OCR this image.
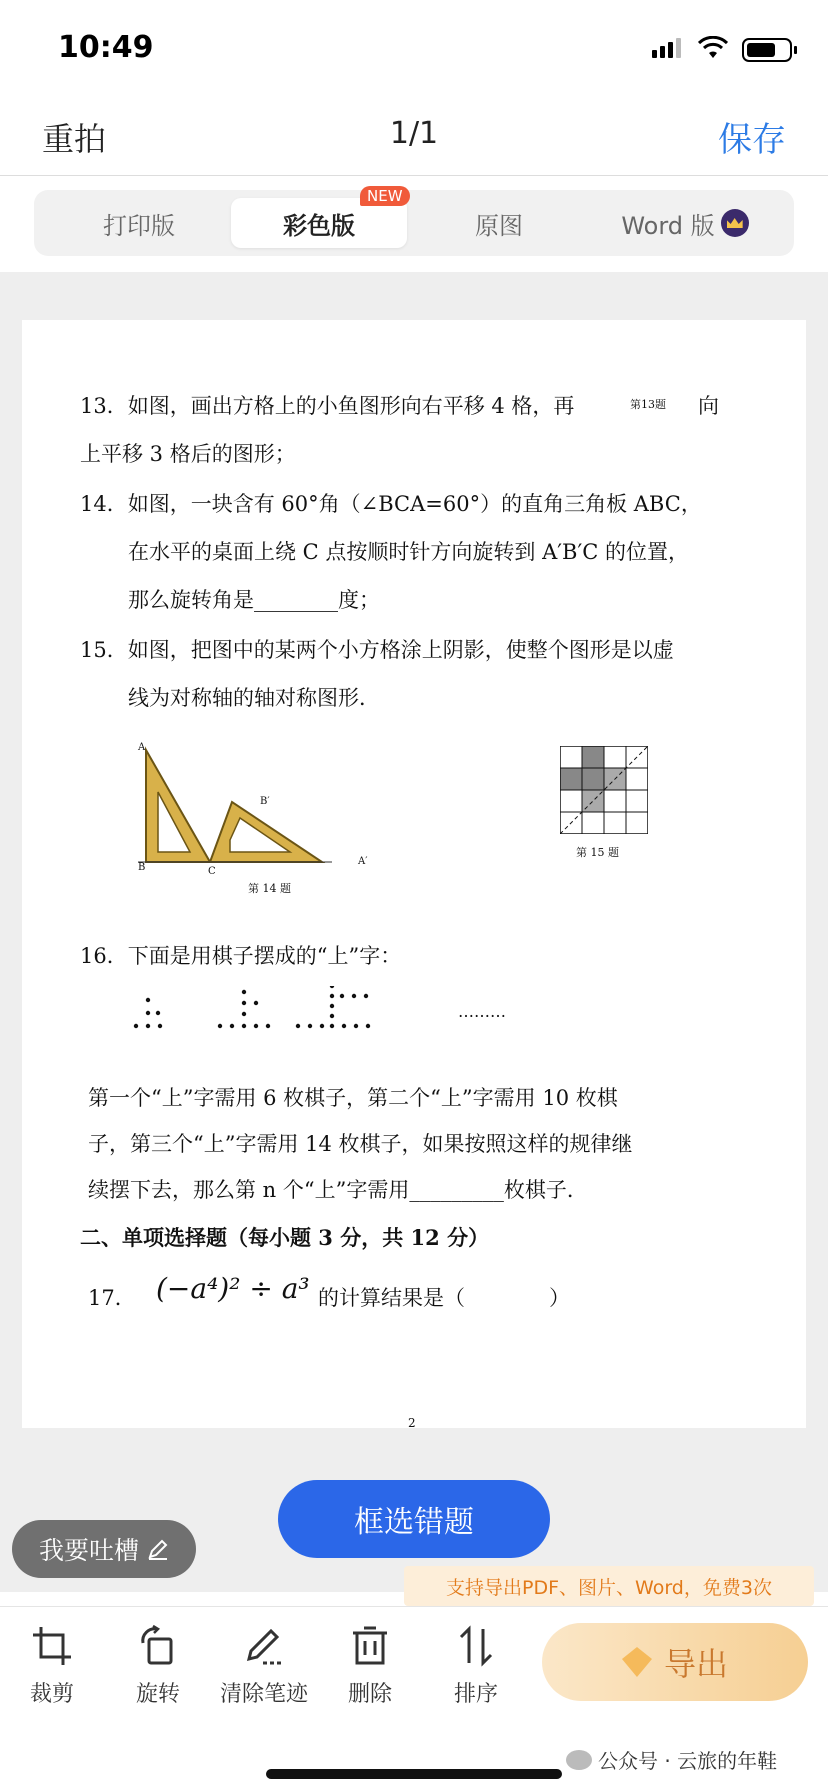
10:49
重拍	1/1	保存
打印版	彩色版
NEW
原图	Word 版
13．如图，画出方格上的小鱼图形向右平移 4 格，再	第13题 向
上平移 3 格后的图形；
14．如图，一块含有 60°角（∠BCA=60°）的直角三角板 ABC，
在水平的桌面上绕 C 点按顺时针方向旋转到 A′B′C 的位置，
那么旋转角是________度；
15．如图，把图中的某两个小方格涂上阴影，使整个图形是以虚
线为对称轴的轴对称图形．
A
B	C
B′
A′
第 14 题
第 15 题
16．下面是用棋子摆成的“上”字：
………
第一个“上”字需用 6 枚棋子，第二个“上”字需用 10 枚棋
子，第三个“上”字需用 14 枚棋子，如果按照这样的规律继
续摆下去，那么第 n 个“上”字需用_________枚棋子．
二、单项选择题（每小题 3 分，共 12 分）
17． (−a⁴)² ÷ a³ 的计算结果是（　　　　）
2
框选错题
我要吐槽
支持导出PDF、图片、Word，免费3次
裁剪	旋转	清除笔迹	删除	排序
导出
公众号 · 云旅的年鞋
